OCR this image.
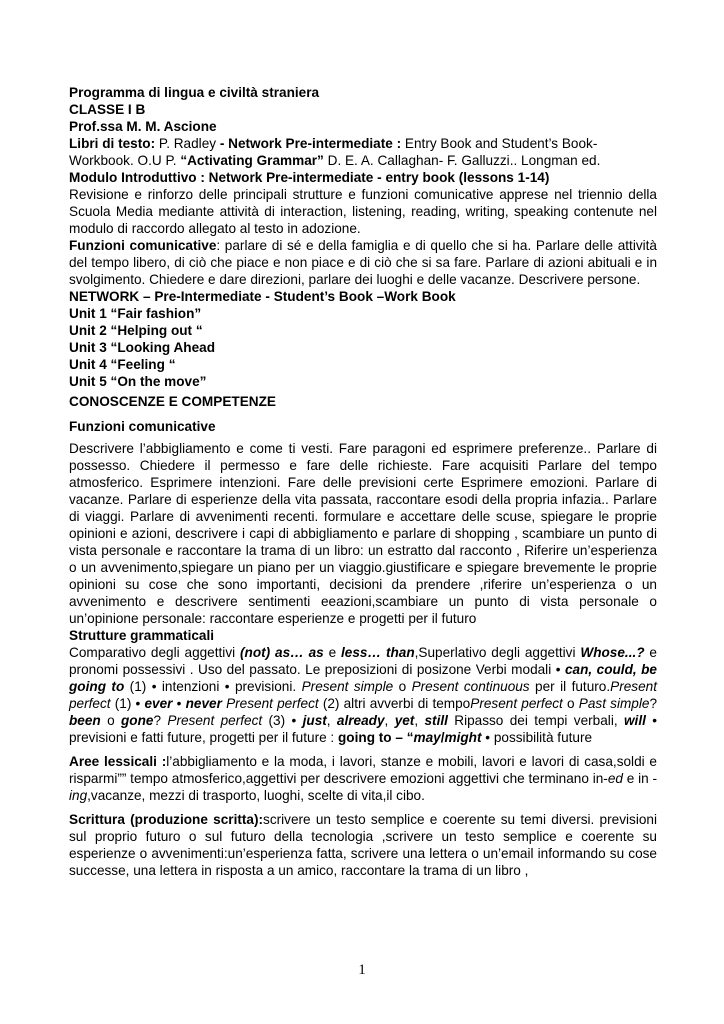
Programma di lingua e civiltà straniera

CLASSE I B

Prof.ssa M. M. Ascione

Libri di testo: P. Radley - Network Pre-intermediate : Entry Book and Student’s Book-

Workbook. O.U P. “Activating Grammar” D. E. A. Callaghan- F. Galluzzi.. Longman ed.

Modulo Introduttivo : Network Pre-intermediate - entry book (lessons 1-14)

Revisione e rinforzo delle principali strutture e funzioni comunicative apprese nel triennio della Scuola Media mediante attività di interaction, listening, reading, writing, speaking contenute nel modulo di raccordo allegato al testo in adozione.

Funzioni comunicative: parlare di sé e della famiglia e di quello che si ha. Parlare delle attività del tempo libero, di ciò che piace e non piace e di ciò che si sa fare. Parlare di azioni abituali e in svolgimento. Chiedere e dare direzioni, parlare dei luoghi e delle vacanze. Descrivere persone.

NETWORK – Pre-Intermediate - Student’s Book –Work Book

Unit 1 “Fair fashion”

Unit 2 “Helping out “

Unit 3 “Looking Ahead

Unit 4 “Feeling “

Unit 5 “On the move”

CONOSCENZE E COMPETENZE

Funzioni comunicative

Descrivere l’abbigliamento e come ti vesti. Fare paragoni ed esprimere preferenze.. Parlare di possesso. Chiedere il permesso e fare delle richieste. Fare acquisiti Parlare del tempo atmosferico. Esprimere intenzioni. Fare delle previsioni certe Esprimere emozioni. Parlare di vacanze. Parlare di esperienze della vita passata, raccontare esodi della propria infazia.. Parlare di viaggi. Parlare di avvenimenti recenti. formulare e accettare delle scuse, spiegare le proprie opinioni e azioni, descrivere i capi di abbigliamento e parlare di shopping , scambiare un punto di vista personale e raccontare la trama di un libro: un estratto dal racconto , Riferire un’esperienza o un avvenimento,spiegare un piano per un viaggio.giustificare e spiegare brevemente le proprie opinioni su cose che sono importanti, decisioni da prendere ,riferire un’esperienza o un avvenimento e descrivere sentimenti eeazioni,scambiare un punto di vista personale o un’opinione personale: raccontare esperienze e progetti per il futuro

Strutture grammaticali

Comparativo degli aggettivi (not) as… as e less… than,Superlativo degli aggettivi Whose...? e pronomi possessivi . Uso del passato. Le preposizioni di posizone Verbi modali • can, could, be going to (1) • intenzioni • previsioni. Present simple o Present continuous per il futuro.Present perfect (1) • ever • never Present perfect (2) altri avverbi di tempoPresent perfect o Past simple? been o gone? Present perfect (3) • just, already, yet, still Ripasso dei tempi verbali, will • previsioni e fatti future, progetti per il future : going to – “may/might • possibilità future

Aree lessicali :l’abbigliamento e la moda, i lavori, stanze e mobili, lavori e lavori di casa,soldi e risparmi”” tempo atmosferico,aggettivi per descrivere emozioni aggettivi che terminano in-ed e in -ing,vacanze, mezzi di trasporto, luoghi, scelte di vita,il cibo.

Scrittura (produzione scritta):scrivere un testo semplice e coerente su temi diversi. previsioni sul proprio futuro o sul futuro della tecnologia ,scrivere un testo semplice e coerente su esperienze o avvenimenti:un’esperienza fatta, scrivere una lettera o un’email informando su cose successe, una lettera in risposta a un amico, raccontare la trama di un libro ,

1
